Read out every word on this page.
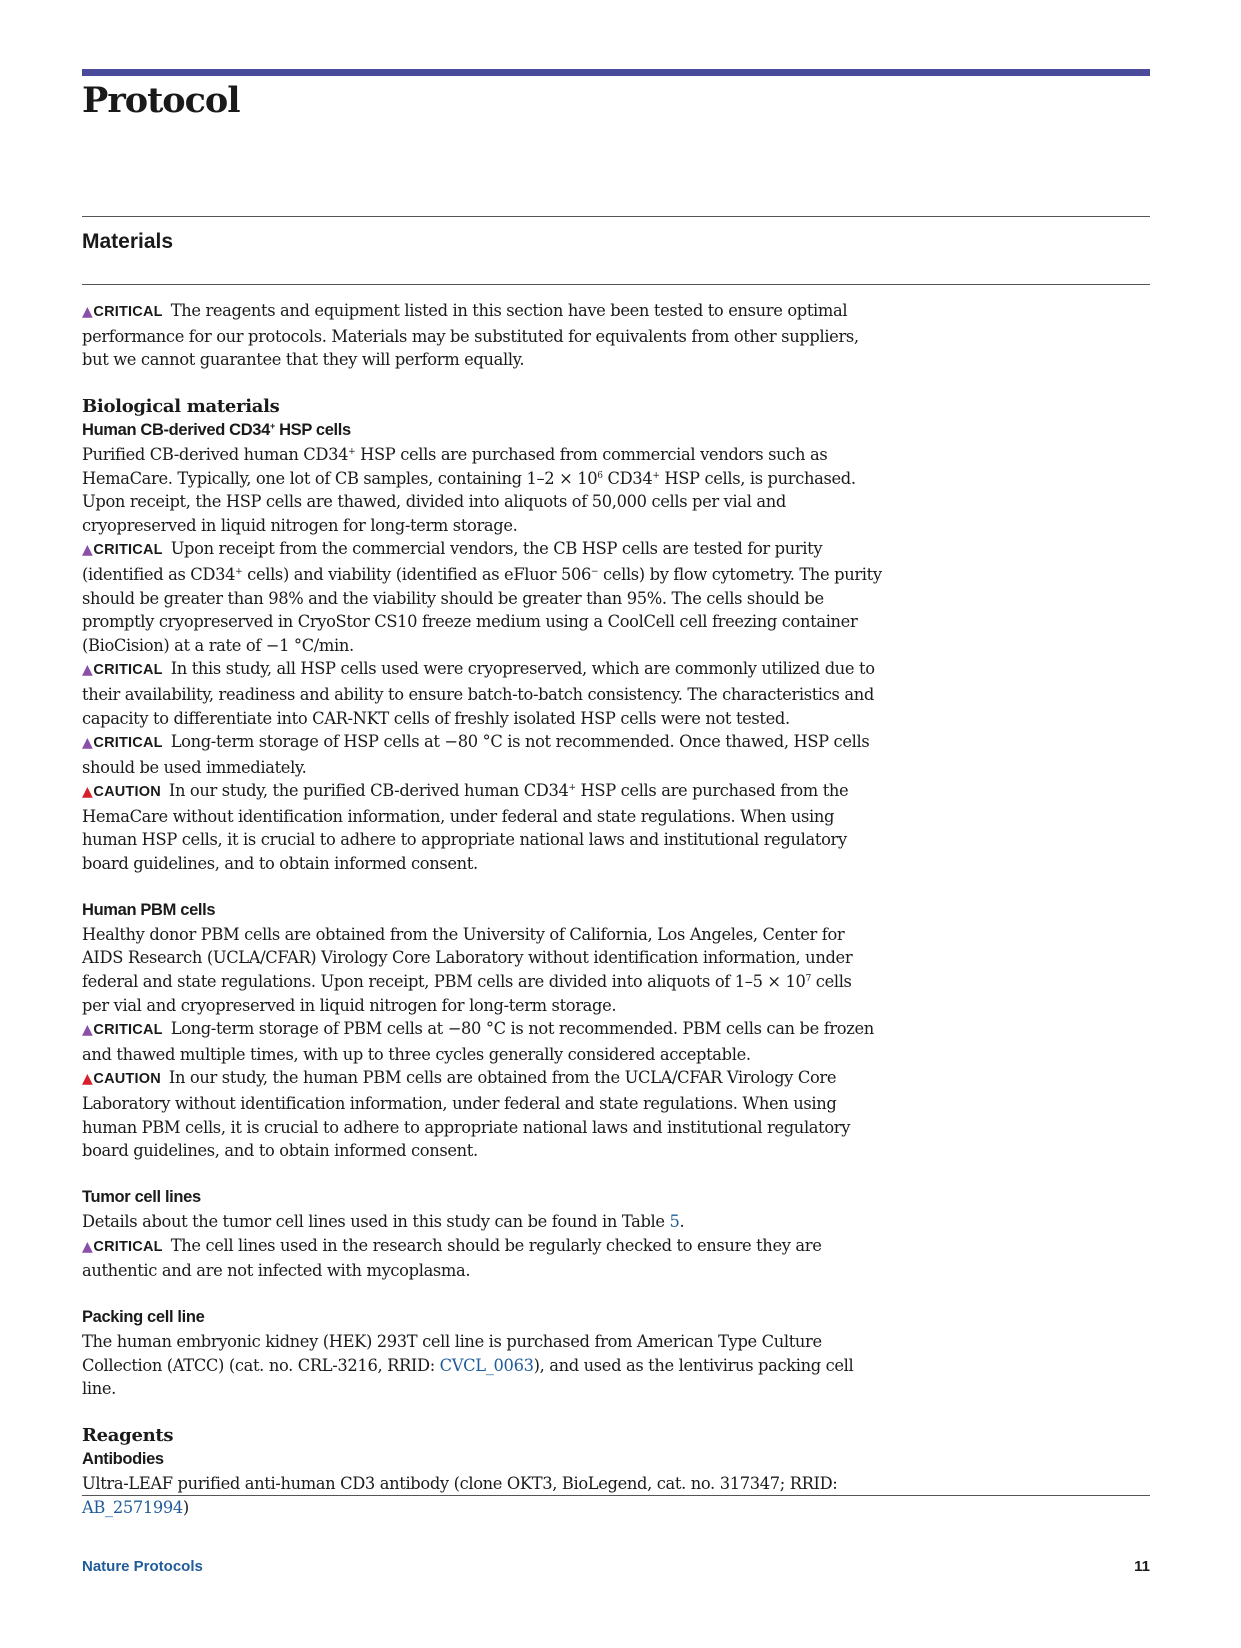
Protocol
Materials

▲CRITICAL The reagents and equipment listed in this section have been tested to ensure optimal performance for our protocols. Materials may be substituted for equivalents from other suppliers, but we cannot guarantee that they will perform equally.

Biological materials

Human CB-derived CD34+ HSP cells

Purified CB-derived human CD34+ HSP cells are purchased from commercial vendors such as HemaCare. Typically, one lot of CB samples, containing $1-2 \times 10^6$ CD34+ HSP cells, is purchased. Upon receipt, the HSP cells are thawed, divided into aliquots of 50,000 cells per vial and cryopreserved in liquid nitrogen for long-term storage.

▲CRITICAL Upon receipt from the commercial vendors, the CB HSP cells are tested for purity (identified as CD34+ cells) and viability (identified as eFluor 506− cells) by flow cytometry. The purity should be greater than 98% and the viability should be greater than 95%. The cells should be promptly cryopreserved in CryoStor CS10 freeze medium using a CoolCell cell freezing container (BioCision) at a rate of −1 °C/min.

▲CRITICAL In this study, all HSP cells used were cryopreserved, which are commonly utilized due to their availability, readiness and ability to ensure batch-to-batch consistency. The characteristics and capacity to differentiate into CAR-NKT cells of freshly isolated HSP cells were not tested.

▲CRITICAL Long-term storage of HSP cells at −80 °C is not recommended. Once thawed, HSP cells should be used immediately.

▲CAUTION In our study, the purified CB-derived human CD34+ HSP cells are purchased from the HemaCare without identification information, under federal and state regulations. When using human HSP cells, it is crucial to adhere to appropriate national laws and institutional regulatory board guidelines, and to obtain informed consent.

Human PBM cells

Healthy donor PBM cells are obtained from the University of California, Los Angeles, Center for AIDS Research (UCLA/CFAR) Virology Core Laboratory without identification information, under federal and state regulations. Upon receipt, PBM cells are divided into aliquots of $1-5 \times 10^7$ cells per vial and cryopreserved in liquid nitrogen for long-term storage.

▲CRITICAL Long-term storage of PBM cells at −80 °C is not recommended. PBM cells can be frozen and thawed multiple times, with up to three cycles generally considered acceptable.

▲CAUTION In our study, the human PBM cells are obtained from the UCLA/CFAR Virology Core Laboratory without identification information, under federal and state regulations. When using human PBM cells, it is crucial to adhere to appropriate national laws and institutional regulatory board guidelines, and to obtain informed consent.

Tumor cell lines

Details about the tumor cell lines used in this study can be found in Table 5.

▲CRITICAL The cell lines used in the research should be regularly checked to ensure they are authentic and are not infected with mycoplasma.

Packing cell line

The human embryonic kidney (HEK) 293T cell line is purchased from American Type Culture Collection (ATCC) (cat. no. CRL-3216, RRID: CVCL_0063), and used as the lentivirus packing cell line.

Reagents

Antibodies

Ultra-LEAF purified anti-human CD3 antibody (clone OKT3, BioLegend, cat. no. 317347; RRID: AB_2571994)

Nature Protocols	11
